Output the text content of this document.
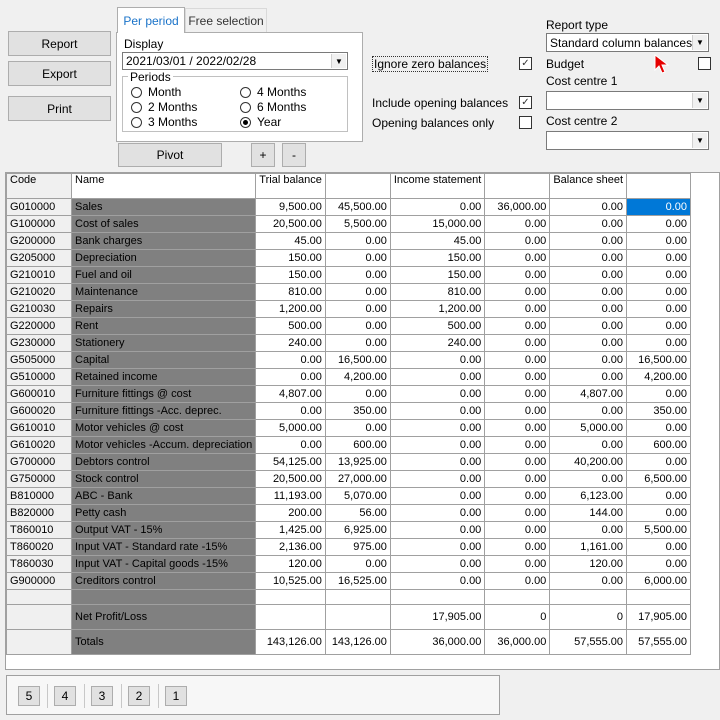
Report
Export
Print
Per period Free selection
Display
2021/03/01 / 2022/02/28	▼
Periods
Month
2 Months
3 Months
4 Months
6 Months
Year
Pivot	+ -
Ignore zero balances	✓
Include opening balances ✓
Opening balances only
Report type
Standard column balances ▼
Budget
Cost centre 1
▼
Cost centre 2
▼
Code	Name	Trial balance		Income statement		Balance sheet	
G010000	Sales	9,500.00	45,500.00	0.00	36,000.00	0.00	0.00
G100000	Cost of sales	20,500.00	5,500.00	15,000.00	0.00	0.00	0.00
G200000	Bank charges	45.00	0.00	45.00	0.00	0.00	0.00
G205000	Depreciation	150.00	0.00	150.00	0.00	0.00	0.00
G210010	Fuel and oil	150.00	0.00	150.00	0.00	0.00	0.00
G210020	Maintenance	810.00	0.00	810.00	0.00	0.00	0.00
G210030	Repairs	1,200.00	0.00	1,200.00	0.00	0.00	0.00
G220000	Rent	500.00	0.00	500.00	0.00	0.00	0.00
G230000	Stationery	240.00	0.00	240.00	0.00	0.00	0.00
G505000	Capital	0.00	16,500.00	0.00	0.00	0.00	16,500.00
G510000	Retained income	0.00	4,200.00	0.00	0.00	0.00	4,200.00
G600010	Furniture fittings @ cost	4,807.00	0.00	0.00	0.00	4,807.00	0.00
G600020	Furniture fittings -Acc. deprec.	0.00	350.00	0.00	0.00	0.00	350.00
G610010	Motor vehicles @ cost	5,000.00	0.00	0.00	0.00	5,000.00	0.00
G610020	Motor vehicles -Accum. depreciation	0.00	600.00	0.00	0.00	0.00	600.00
G700000	Debtors control	54,125.00	13,925.00	0.00	0.00	40,200.00	0.00
G750000	Stock control	20,500.00	27,000.00	0.00	0.00	0.00	6,500.00
B810000	ABC - Bank	11,193.00	5,070.00	0.00	0.00	6,123.00	0.00
B820000	Petty cash	200.00	56.00	0.00	0.00	144.00	0.00
T860010	Output VAT - 15%	1,425.00	6,925.00	0.00	0.00	0.00	5,500.00
T860020	Input VAT - Standard rate -15%	2,136.00	975.00	0.00	0.00	1,161.00	0.00
T860030	Input VAT - Capital goods -15%	120.00	0.00	0.00	0.00	120.00	0.00
G900000	Creditors control	10,525.00	16,525.00	0.00	0.00	0.00	6,000.00

	Net Profit/Loss			17,905.00	0	0	17,905.00
	Totals	143,126.00	143,126.00	36,000.00	36,000.00	57,555.00	57,555.00
5 4	3	2	1
